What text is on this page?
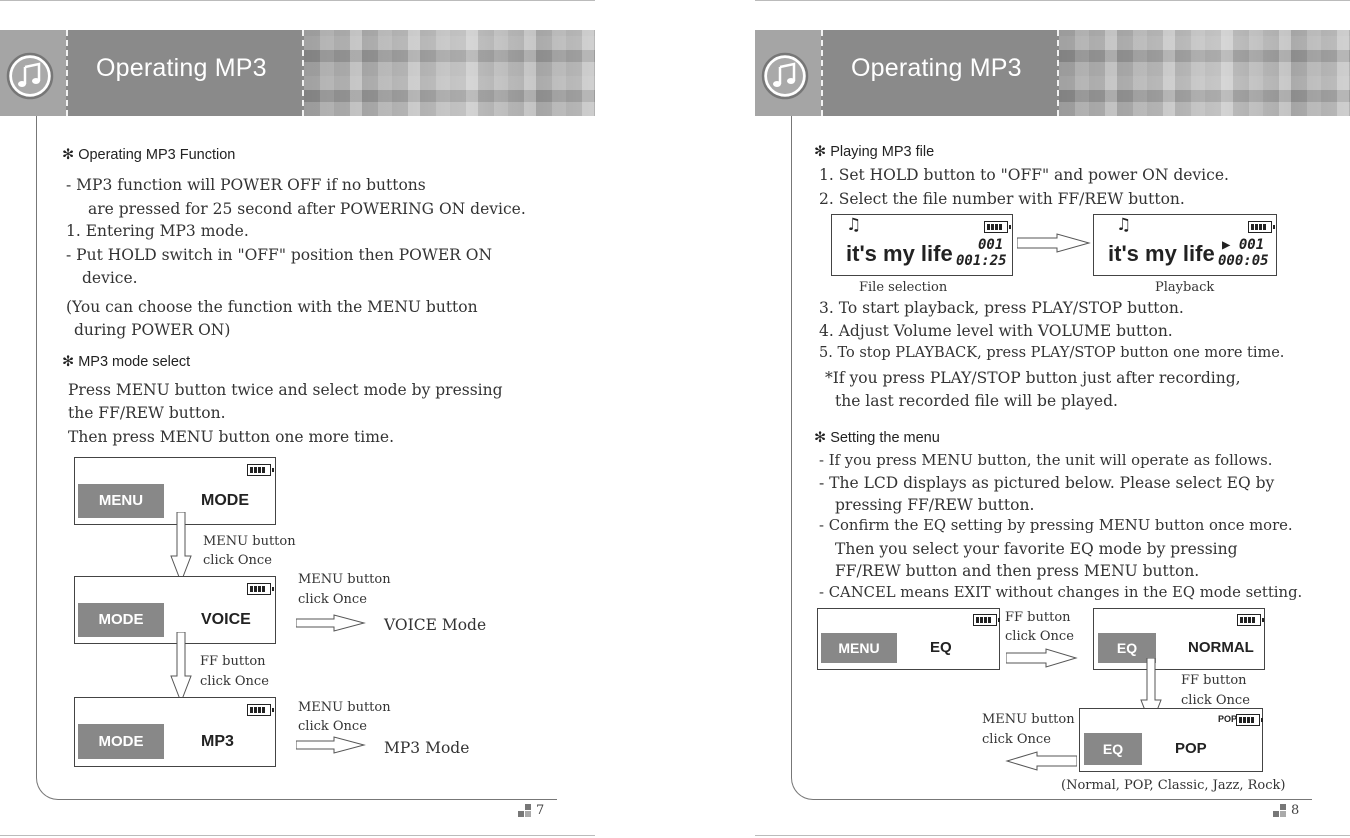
Operating MP3
✻ Operating MP3 Function
- MP3 function will POWER OFF if no buttons
are pressed for 25 second after POWERING ON device.
1. Entering MP3 mode.
- Put HOLD switch in "OFF" position then POWER ON
device.
(You can choose the function with the MENU button
during POWER ON)
✻ MP3 mode select
Press MENU button twice and select mode by pressing
the FF/REW button.
Then press MENU button one more time.
MENU	MODE
MENU button
click Once
MODE	VOICE
MENU button
click Once
VOICE Mode
FF button
click Once
MODE	MP3
MENU button
click Once
MP3 Mode
7
Operating MP3
✻ Playing MP3 file
1. Set HOLD button to "OFF" and power ON device.
2. Select the file number with FF/REW button.
♫
it's my life 001
001:25
File selection
♫
it's my life ▶ 001
000:05
Playback
3. To start playback, press PLAY/STOP button.
4. Adjust Volume level with VOLUME button.
5. To stop PLAYBACK, press PLAY/STOP button one more time.
*If you press PLAY/STOP button just after recording,
the last recorded file will be played.
✻ Setting the menu
- If you press MENU button, the unit will operate as follows.
- The LCD displays as pictured below. Please select EQ by
pressing FF/REW button.
- Confirm the EQ setting by pressing MENU button once more.
Then you select your favorite EQ mode by pressing
FF/REW button and then press MENU button.
- CANCEL means EXIT without changes in the EQ mode setting.
MENU	EQ
FF button
click Once
EQ	NORMAL
FF button
click Once
POP
EQ	POP
MENU button
click Once
(Normal, POP, Classic, Jazz, Rock)
8
